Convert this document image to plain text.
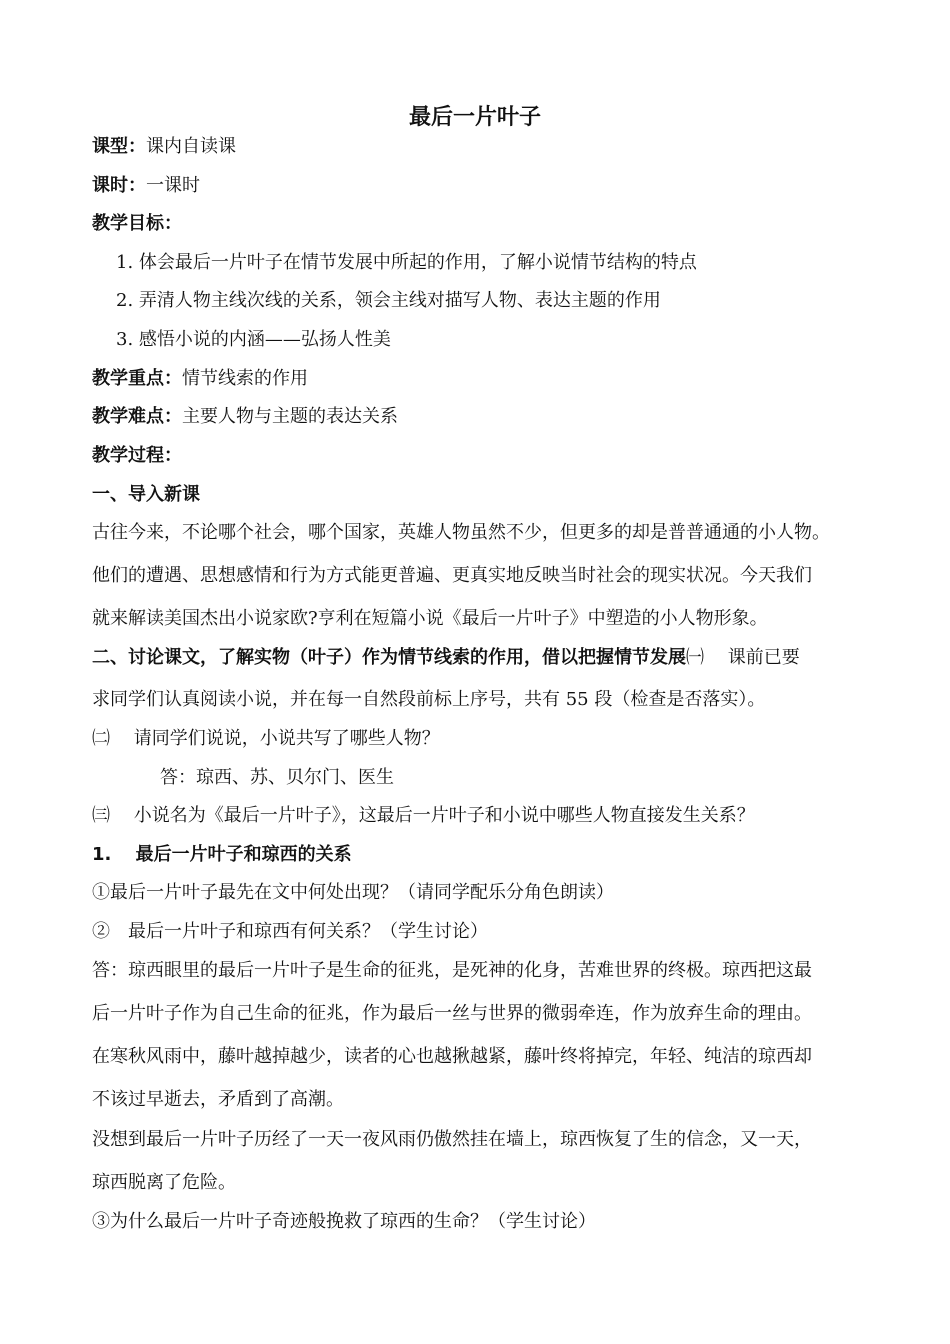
最后一片叶子
课型：课内自读课
课时：一课时
教学目标：
1. 体会最后一片叶子在情节发展中所起的作用，了解小说情节结构的特点
2. 弄清人物主线次线的关系，领会主线对描写人物、表达主题的作用
3. 感悟小说的内涵——弘扬人性美
教学重点：情节线索的作用
教学难点：主要人物与主题的表达关系
教学过程：
一、导入新课
古往今来，不论哪个社会，哪个国家，英雄人物虽然不少，但更多的却是普普通通的小人物。
他们的遭遇、思想感情和行为方式能更普遍、更真实地反映当时社会的现实状况。今天我们
就来解读美国杰出小说家欧?亨利在短篇小说《最后一片叶子》中塑造的小人物形象。
二、讨论课文，了解实物（叶子）作为情节线索的作用，借以把握情节发展㈠　 课前已要
求同学们认真阅读小说，并在每一自然段前标上序号，共有 55 段（检查是否落实）。
㈡　 请同学们说说，小说共写了哪些人物？
答：琼西、苏、贝尔门、医生
㈢　 小说名为《最后一片叶子》，这最后一片叶子和小说中哪些人物直接发生关系？
1.　 最后一片叶子和琼西的关系
①最后一片叶子最先在文中何处出现？（请同学配乐分角色朗读）
②　最后一片叶子和琼西有何关系？（学生讨论）
答：琼西眼里的最后一片叶子是生命的征兆，是死神的化身，苦难世界的终极。琼西把这最
后一片叶子作为自己生命的征兆，作为最后一丝与世界的微弱牵连，作为放弃生命的理由。
在寒秋风雨中，藤叶越掉越少，读者的心也越揪越紧，藤叶终将掉完，年轻、纯洁的琼西却
不该过早逝去，矛盾到了高潮。
没想到最后一片叶子历经了一天一夜风雨仍傲然挂在墙上，琼西恢复了生的信念，又一天，
琼西脱离了危险。
③为什么最后一片叶子奇迹般挽救了琼西的生命？（学生讨论）
